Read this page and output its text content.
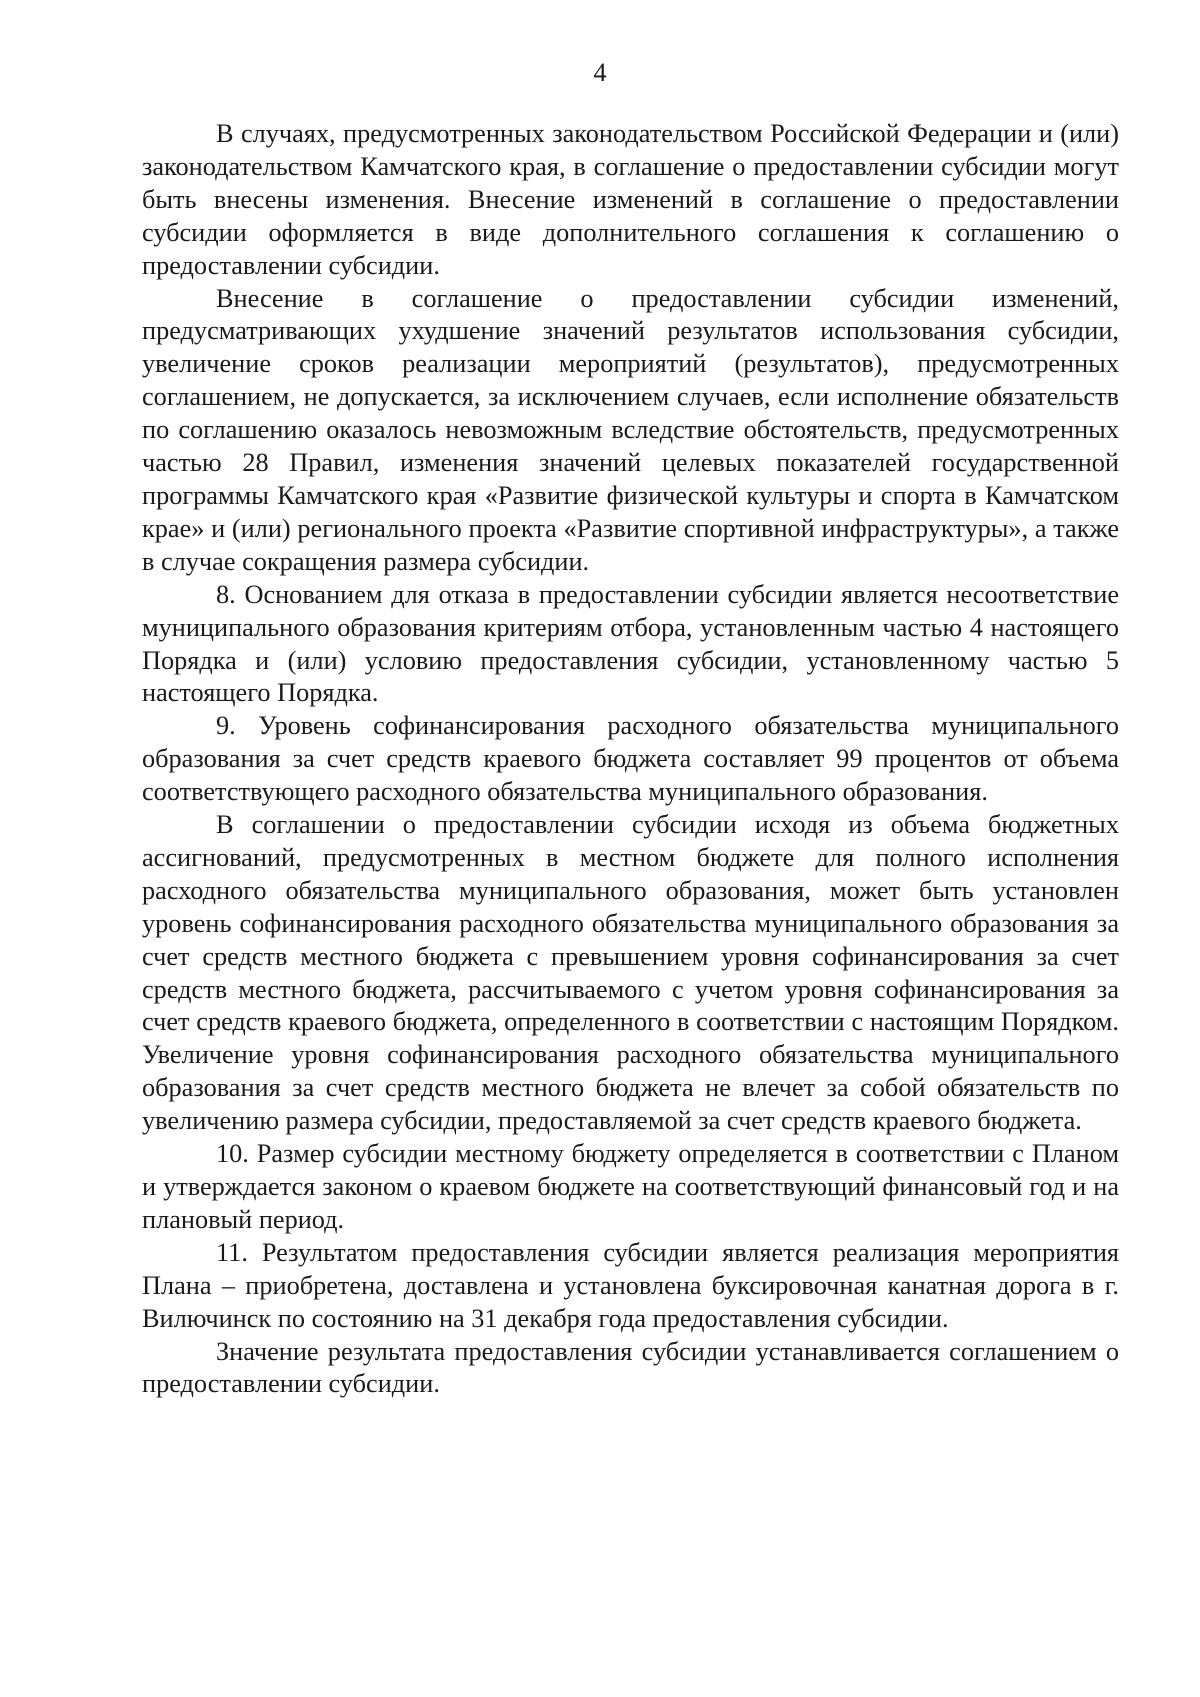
4

В случаях, предусмотренных законодательством Российской Федерации и (или) законодательством Камчатского края, в соглашение о предоставлении субсидии могут быть внесены изменения. Внесение изменений в соглашение о предоставлении субсидии оформляется в виде дополнительного соглашения к соглашению о предоставлении субсидии.

Внесение в соглашение о предоставлении субсидии изменений, предусматривающих ухудшение значений результатов использования субсидии, увеличение сроков реализации мероприятий (результатов), предусмотренных соглашением, не допускается, за исключением случаев, если исполнение обязательств по соглашению оказалось невозможным вследствие обстоятельств, предусмотренных частью 28 Правил, изменения значений целевых показателей государственной программы Камчатского края «Развитие физической культуры и спорта в Камчатском крае» и (или) регионального проекта «Развитие спортивной инфраструктуры», а также в случае сокращения размера субсидии.

8. Основанием для отказа в предоставлении субсидии является несоответствие муниципального образования критериям отбора, установленным частью 4 настоящего Порядка и (или) условию предоставления субсидии, установленному частью 5 настоящего Порядка.

9. Уровень софинансирования расходного обязательства муниципального образования за счет средств краевого бюджета составляет 99 процентов от объема соответствующего расходного обязательства муниципального образования.

В соглашении о предоставлении субсидии исходя из объема бюджетных ассигнований, предусмотренных в местном бюджете для полного исполнения расходного обязательства муниципального образования, может быть установлен уровень софинансирования расходного обязательства муниципального образования за счет средств местного бюджета с превышением уровня софинансирования за счет средств местного бюджета, рассчитываемого с учетом уровня софинансирования за счет средств краевого бюджета, определенного в соответствии с настоящим Порядком. Увеличение уровня софинансирования расходного обязательства муниципального образования за счет средств местного бюджета не влечет за собой обязательств по увеличению размера субсидии, предоставляемой за счет средств краевого бюджета.

10. Размер субсидии местному бюджету определяется в соответствии с Планом и утверждается законом о краевом бюджете на соответствующий финансовый год и на плановый период.

11. Результатом предоставления субсидии является реализация мероприятия Плана – приобретена, доставлена и установлена буксировочная канатная дорога в г. Вилючинск по состоянию на 31 декабря года предоставления субсидии.

Значение результата предоставления субсидии устанавливается соглашением о предоставлении субсидии.
